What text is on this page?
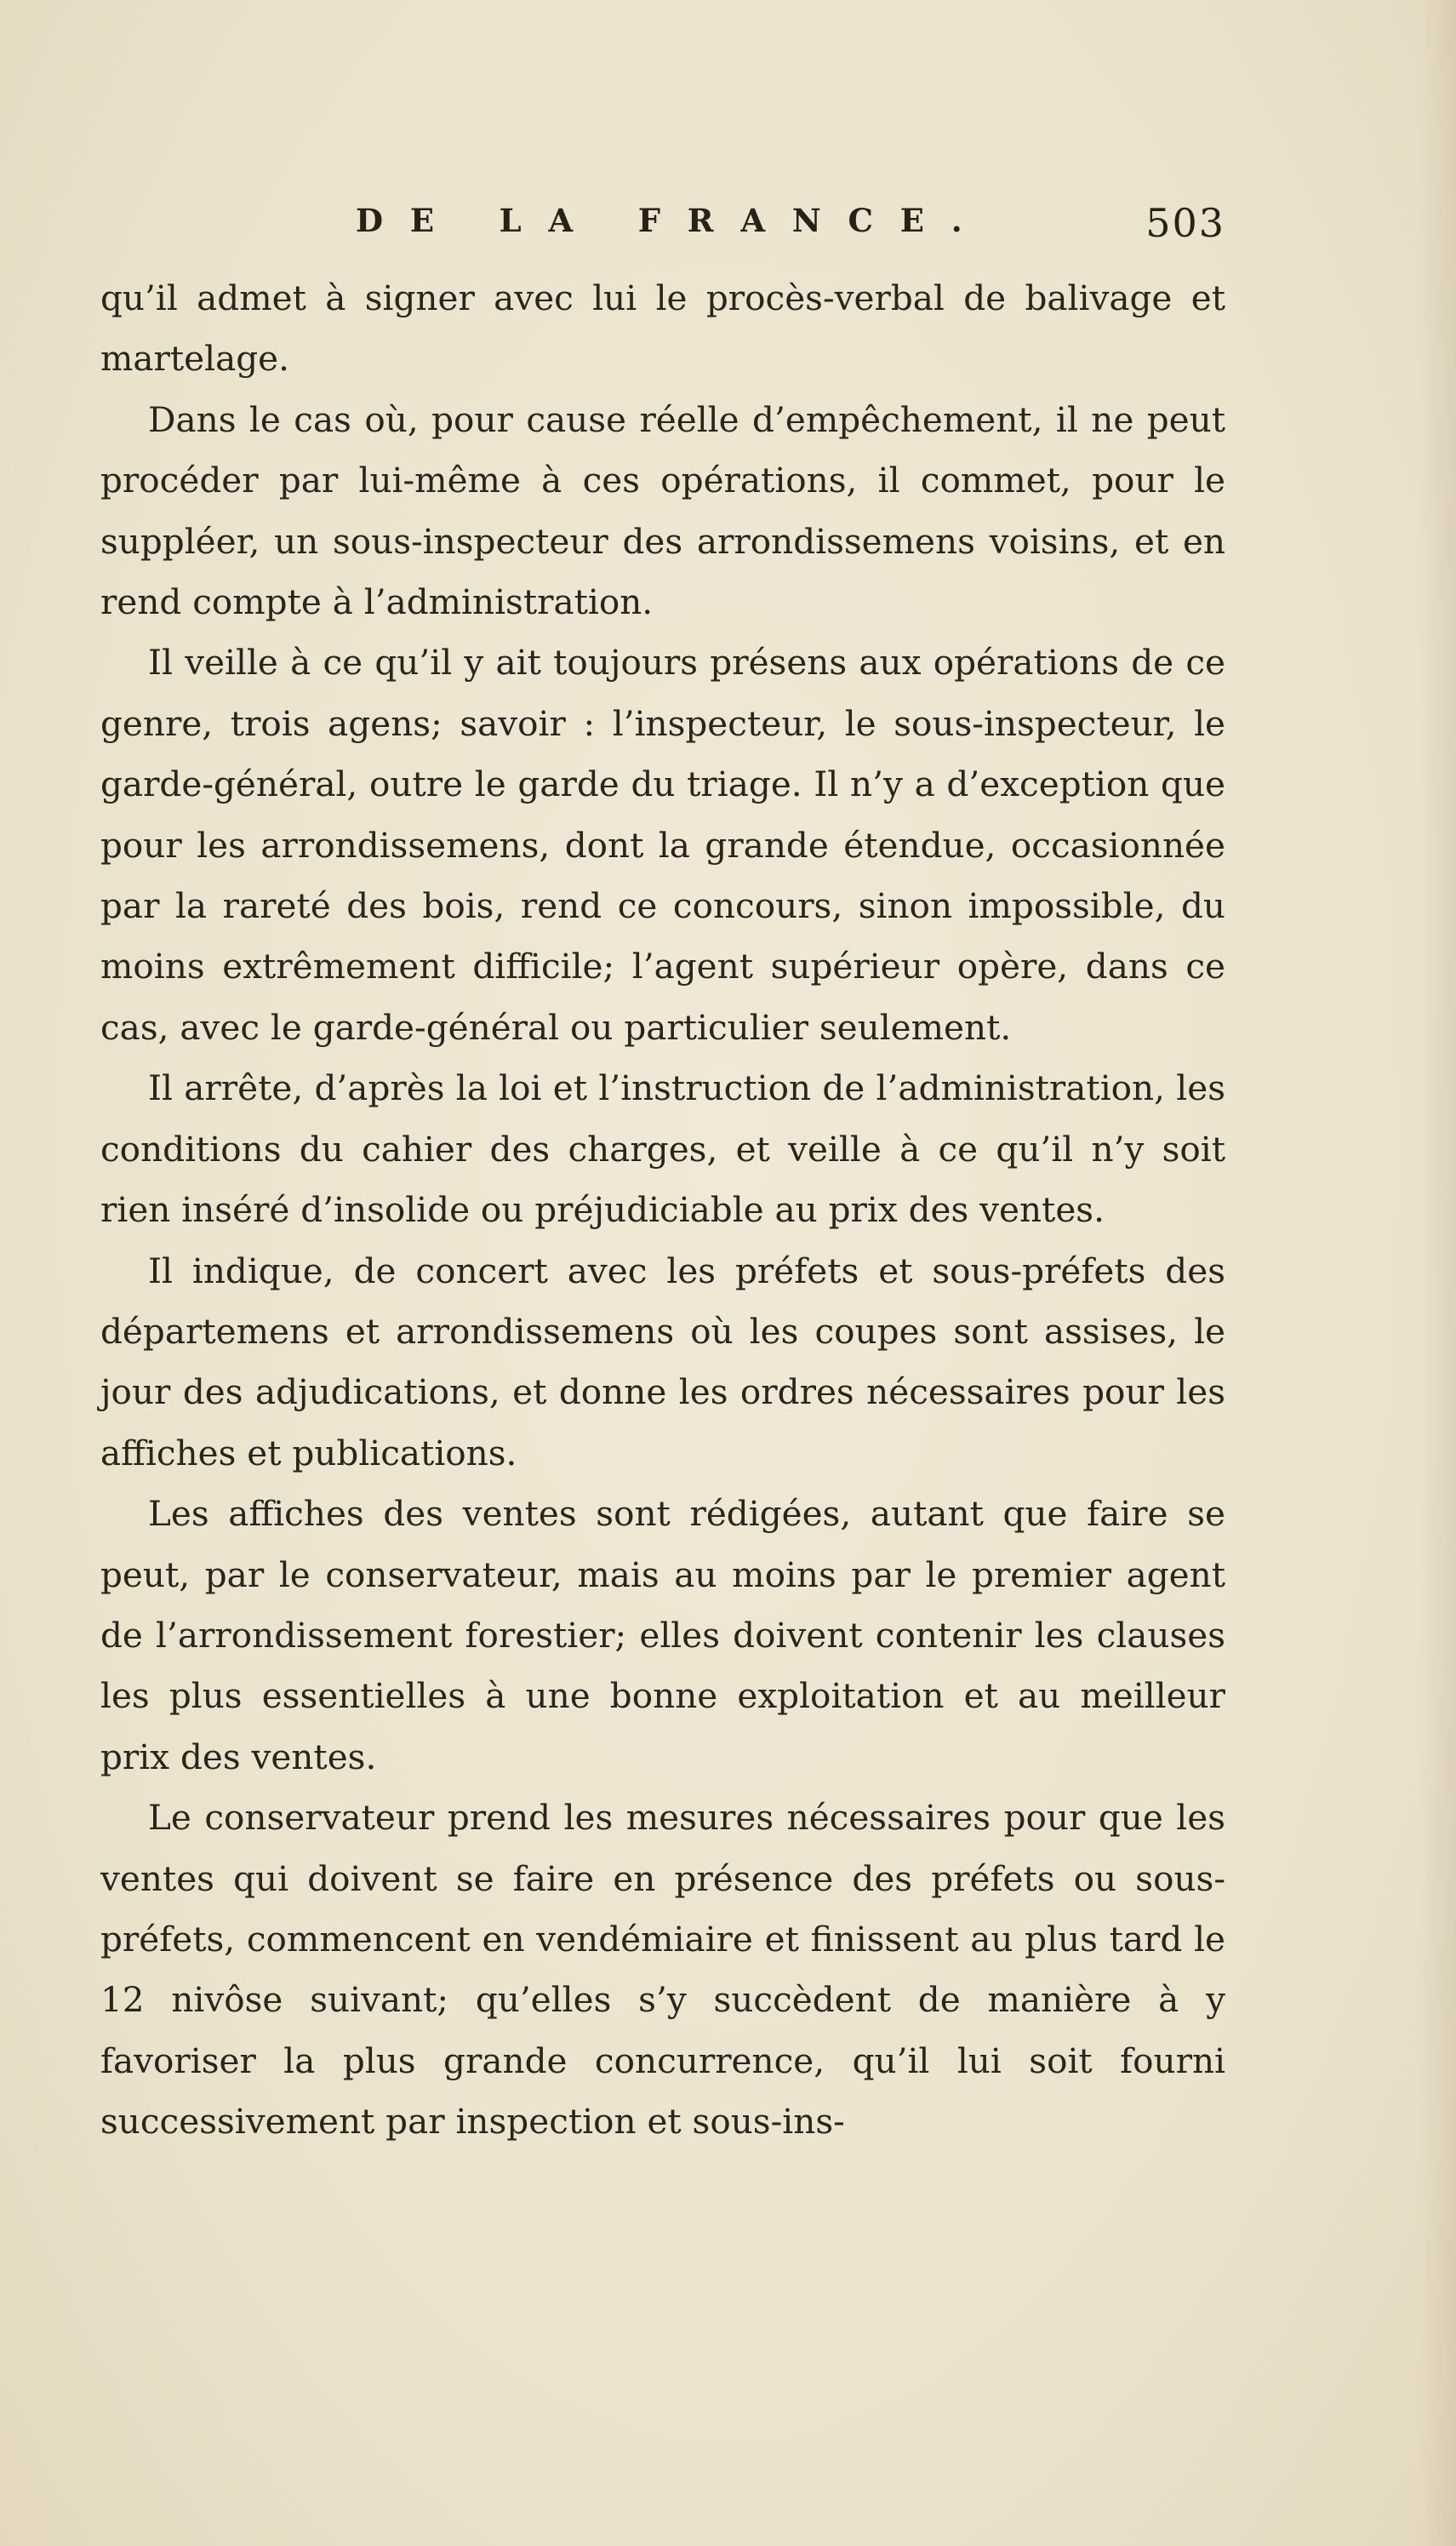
DE LA FRANCE.	503

qu’il admet à signer avec lui le procès-verbal de balivage et martelage.

Dans le cas où, pour cause réelle d’empêchement, il ne peut procéder par lui-même à ces opérations, il commet, pour le suppléer, un sous-inspecteur des arrondissemens voisins, et en rend compte à l’administration.

Il veille à ce qu’il y ait toujours présens aux opérations de ce genre, trois agens; savoir : l’inspecteur, le sous-inspecteur, le garde-général, outre le garde du triage. Il n’y a d’exception que pour les arrondissemens, dont la grande étendue, occasionnée par la rareté des bois, rend ce concours, sinon impossible, du moins extrêmement difficile; l’agent supérieur opère, dans ce cas, avec le garde-général ou particulier seulement.

Il arrête, d’après la loi et l’instruction de l’administration, les conditions du cahier des charges, et veille à ce qu’il n’y soit rien inséré d’insolide ou préjudiciable au prix des ventes.

Il indique, de concert avec les préfets et sous-préfets des départemens et arrondissemens où les coupes sont assises, le jour des adjudications, et donne les ordres nécessaires pour les affiches et publications.

Les affiches des ventes sont rédigées, autant que faire se peut, par le conservateur, mais au moins par le premier agent de l’arrondissement forestier; elles doivent contenir les clauses les plus essentielles à une bonne exploitation et au meilleur prix des ventes.

Le conservateur prend les mesures nécessaires pour que les ventes qui doivent se faire en présence des préfets ou sous-préfets, commencent en vendémiaire et finissent au plus tard le 12 nivôse suivant; qu’elles s’y succèdent de manière à y favoriser la plus grande concurrence, qu’il lui soit fourni successivement par inspection et sous-ins-
